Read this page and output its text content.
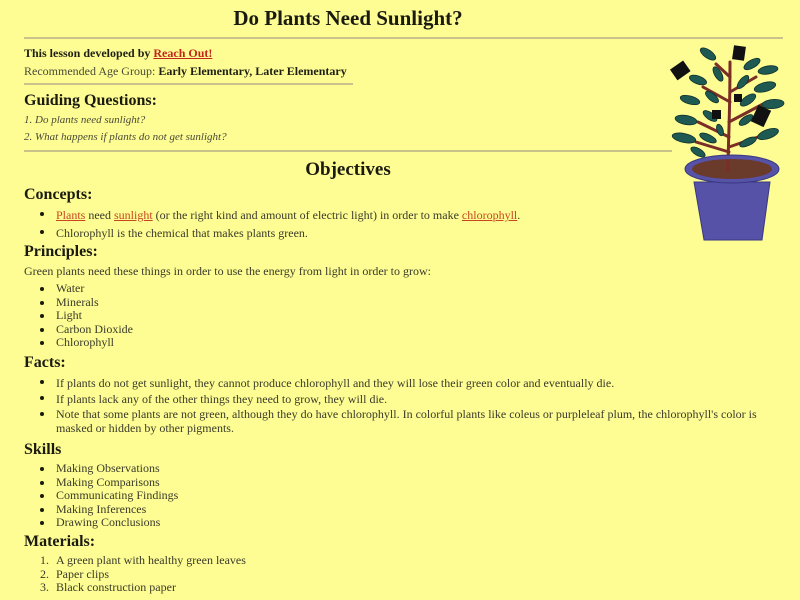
Do Plants Need Sunlight?
This lesson developed by Reach Out!
Recommended Age Group: Early Elementary, Later Elementary
Guiding Questions:
1. Do plants need sunlight?
2. What happens if plants do not get sunlight?
Objectives
Concepts:
Plants need sunlight (or the right kind and amount of electric light) in order to make chlorophyll.
Chlorophyll is the chemical that makes plants green.
Principles:

Green plants need these things in order to use the energy from light in order to grow:

Water
Minerals
Light
Carbon Dioxide
Chlorophyll
Facts:
If plants do not get sunlight, they cannot produce chlorophyll and they will lose their green color and eventually die.
If plants lack any of the other things they need to grow, they will die.
Note that some plants are not green, although they do have chlorophyll. In colorful plants like coleus or purpleleaf plum, the chlorophyll's color is
masked or hidden by other pigments.
Skills
Making Observations
Making Comparisons
Communicating Findings
Making Inferences
Drawing Conclusions
Materials:
1. A green plant with healthy green leaves
2. Paper clips
3. Black construction paper
